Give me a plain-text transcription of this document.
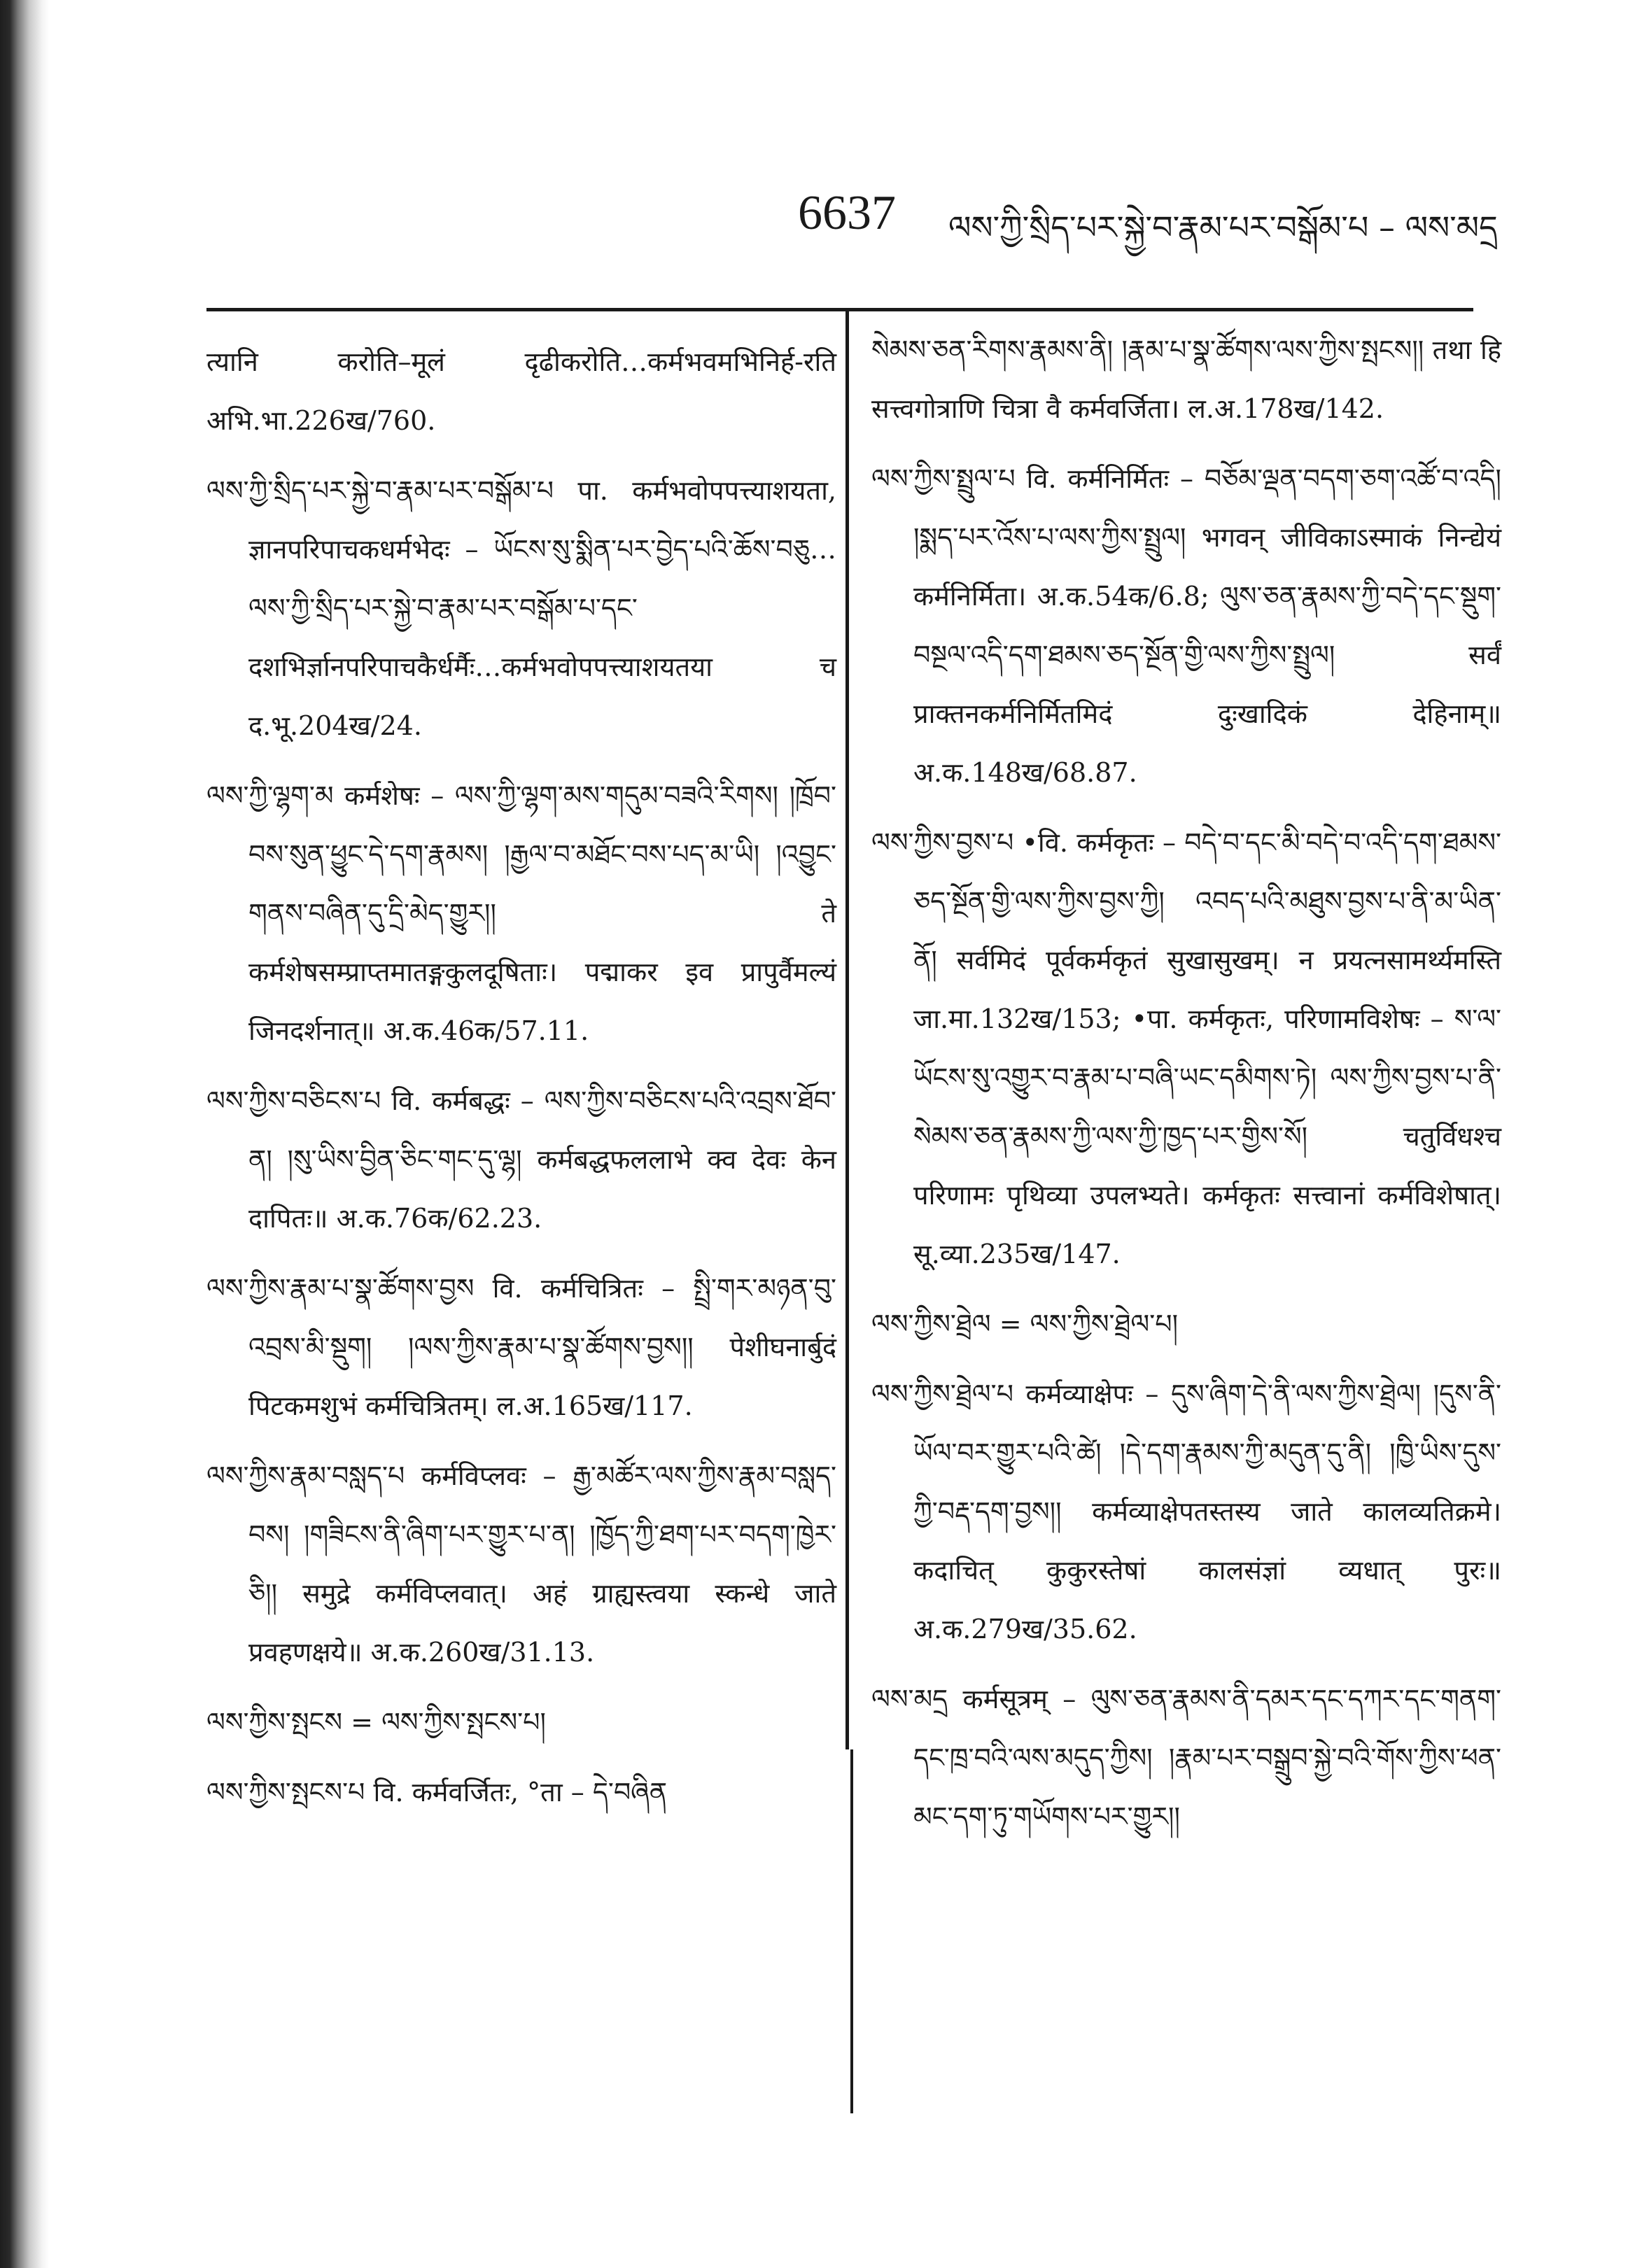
6637 ལས་ཀྱི་སྲིད་པར་སྐྱེ་བ་རྣམ་པར་བསྒོམ་པ – ལས་མདྲ
त्यानि करोति–मूलं दृढीकरोति…कर्मभवमभिनिर्ह-रति अभि.भा.226ख/760.
ལས་ཀྱི་སྲིད་པར་སྐྱེ་བ་རྣམ་པར་བསྒོམ་པ पा. कर्मभवोपपत्त्याशयता, ज्ञानपरिपाचकधर्मभेदः – ཡོངས་སུ་སྨིན་པར་བྱེད་པའི་ཆོས་བཅུ…ལས་ཀྱི་སྲིད་པར་སྐྱེ་བ་རྣམ་པར་བསྒོམ་པ་དང་ दशभिर्ज्ञानपरिपाचकैर्धर्मैः…कर्मभवोपपत्त्याशयतया च द.भू.204ख/24.
ལས་ཀྱི་ལྷག་མ कर्मशेषः – ལས་ཀྱི་ལྷག་མས་གདུམ་བཟའི་རིགས། །ཁྲོབ་བས་སུན་ཕྱུང་དེ་དག་རྣམས། །རྒྱལ་བ་མཐོང་བས་པད་མ་ཡི། །འབྱུང་གནས་བཞིན་དུ་དྲི་མེད་གྱུར།། ते कर्मशेषसम्प्राप्तमातङ्गकुलदूषिताः। पद्माकर इव प्रापुर्वैमल्यं जिनदर्शनात्॥ अ.क.46क/57.11.
ལས་ཀྱིས་བཅིངས་པ वि. कर्मबद्धः – ལས་ཀྱིས་བཅིངས་པའི་འབྲས་ཐོབ་ན། །སུ་ཡིས་བྱིན་ཅིང་གང་དུ་ལྷ། कर्मबद्धफललाभे क्व देवः केन दापितः॥ अ.क.76क/62.23.
ལས་ཀྱིས་རྣམ་པ་སྣ་ཚོགས་བྱས वि. कर्मचित्रितः – སྤྲི་གར་མཉན་བུ་འབྲས་མི་སྡུག། །ལས་ཀྱིས་རྣམ་པ་སྣ་ཚོགས་བྱས།། पेशीघनार्बुदं पिटकमशुभं कर्मचित्रितम्। ल.अ.165ख/117.
ལས་ཀྱིས་རྣམ་བསླད་པ कर्मविप्लवः – རྒྱ་མཚོར་ལས་ཀྱིས་རྣམ་བསླད་བས། །གཟིངས་ནི་ཞིག་པར་གྱུར་པ་ན། །ཁྱོད་ཀྱི་ཐག་པར་བདག་ཁྱེར་ཅི།། समुद्रे कर्मविप्लवात्। अहं ग्राह्यस्त्वया स्कन्धे जाते प्रवहणक्षये॥ अ.क.260ख/31.13.
ལས་ཀྱིས་སྤངས = ལས་ཀྱིས་སྤངས་པ།
ལས་ཀྱིས་སྤངས་པ वि. कर्मवर्जितः, °ता – དེ་བཞིན
སེམས་ཅན་རིགས་རྣམས་ནི། །རྣམ་པ་སྣ་ཚོགས་ལས་ཀྱིས་སྤངས།། तथा हि सत्त्वगोत्राणि चित्रा वै कर्मवर्जिता। ल.अ.178ख/142.
ལས་ཀྱིས་སྤྲུལ་པ वि. कर्मनिर्मितः – བཅོམ་ལྡན་བདག་ཅག་འཚོ་བ་འདི། །སྨད་པར་འོས་པ་ལས་ཀྱིས་སྤྲུལ། भगवन् जीविकाऽस्माकं निन्द्येयं कर्मनिर्मिता। अ.क.54क/6.8; ལུས་ཅན་རྣམས་ཀྱི་བདེ་དང་སྡུག་བསྔལ་འདི་དག་ཐམས་ཅད་སྔོན་གྱི་ལས་ཀྱིས་སྤྲུལ། सर्वं प्राक्तनकर्मनिर्मितमिदं दुःखादिकं देहिनाम्॥ अ.क.148ख/68.87.
ལས་ཀྱིས་བྱས་པ •वि. कर्मकृतः – བདེ་བ་དང་མི་བདེ་བ་འདི་དག་ཐམས་ཅད་སྔོན་གྱི་ལས་ཀྱིས་བྱས་ཀྱི། འབད་པའི་མཐུས་བྱས་པ་ནི་མ་ཡིན་ནོ། सर्वमिदं पूर्वकर्मकृतं सुखासुखम्। न प्रयत्नसामर्थ्यमस्ति जा.मा.132ख/153; •पा. कर्मकृतः, परिणामविशेषः – ས་ལ་ཡོངས་སུ་འགྱུར་བ་རྣམ་པ་བཞི་ཡང་དམིགས་ཏེ། ལས་ཀྱིས་བྱས་པ་ནི་སེམས་ཅན་རྣམས་ཀྱི་ལས་ཀྱི་ཁྱད་པར་གྱིས་སོ། चतुर्विधश्च परिणामः पृथिव्या उपलभ्यते। कर्मकृतः सत्त्वानां कर्मविशेषात्। सू.व्या.235ख/147.
ལས་ཀྱིས་ཐྲེལ = ལས་ཀྱིས་ཐྲེལ་པ།
ལས་ཀྱིས་ཐྲེལ་པ कर्मव्याक्षेपः – དུས་ཞིག་དེ་ནི་ལས་ཀྱིས་ཐྲེལ། །དུས་ནི་ཡོལ་བར་གྱུར་པའི་ཚེ། །དེ་དག་རྣམས་ཀྱི་མདུན་དུ་ནི། །ཁྱི་ཡིས་དུས་ཀྱི་བརྡ་དག་བྱས།། कर्मव्याक्षेपतस्तस्य जाते कालव्यतिक्रमे। कदाचित् कुकुरस्तेषां कालसंज्ञां व्यधात् पुरः॥ अ.क.279ख/35.62.
ལས་མདྲ कर्मसूत्रम् – ལུས་ཅན་རྣམས་ནི་དམར་དང་དཀར་དང་གནག་དང་ཁྲ་བའི་ལས་མདུད་ཀྱིས། །རྣམ་པར་བསྒྲུབ་སྐྱེ་བའི་གོས་ཀྱིས་ཕན་མང་དག་ཏུ་གཡོགས་པར་གྱུར།།
